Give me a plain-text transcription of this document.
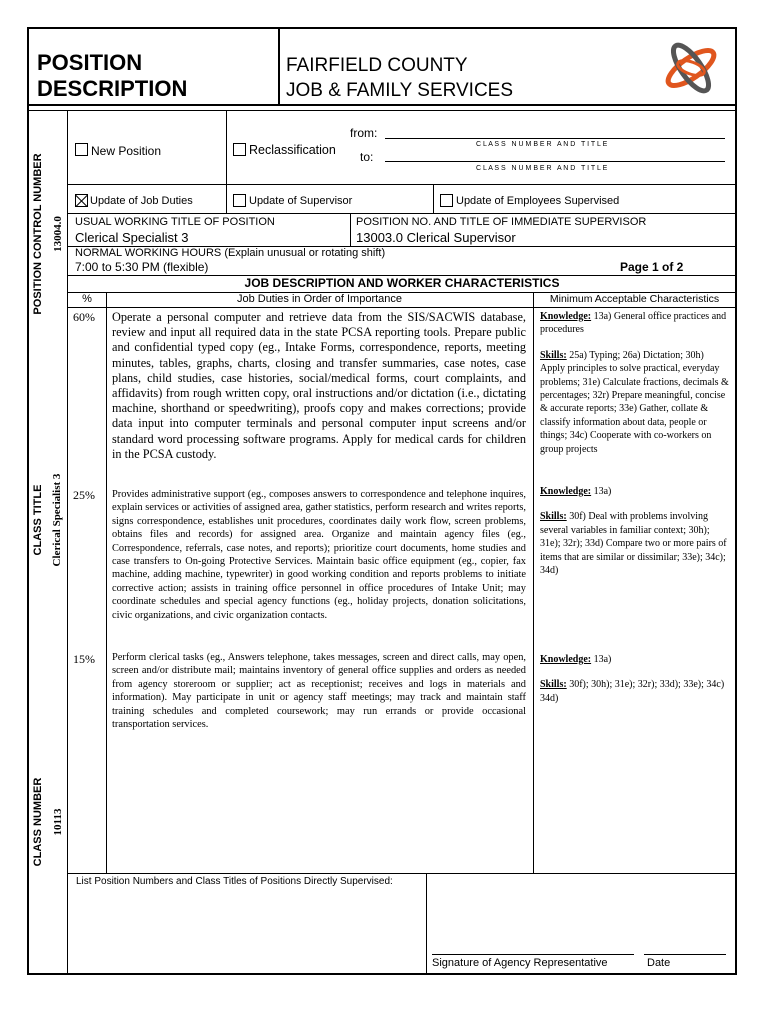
POSITION
DESCRIPTION
FAIRFIELD COUNTY
JOB & FAMILY SERVICES
POSITION CONTROL NUMBER 13004.0
CLASS TITLE Clerical Specialist 3
CLASS NUMBER 10113
New Position	Reclassification
from:
C L A S S   N U M B E R   A N D   T I T L E
to:
C L A S S   N U M B E R   A N D   T I T L E
Update of Job Duties	Update of Supervisor	Update of Employees Supervised
USUAL WORKING TITLE OF POSITION
Clerical Specialist 3
POSITION NO. AND TITLE OF IMMEDIATE SUPERVISOR
13003.0 Clerical Supervisor
NORMAL WORKING HOURS (Explain unusual or rotating shift)
7:00 to 5:30 PM (flexible)	Page 1 of 2
JOB DESCRIPTION AND WORKER CHARACTERISTICS
%	Job Duties in Order of Importance	Minimum Acceptable Characteristics
60% Operate a personal computer and retrieve data from the SIS/SACWIS database, review and input all required data in the state PCSA reporting tools. Prepare public and confidential typed copy (eg., Intake Forms, correspondence, reports, meeting minutes, tables, graphs, charts, closing and transfer summaries, case notes, case plans, child studies, case histories, social/medical forms, court complaints, and affidavits) from rough written copy, oral instructions and/or dictation (i.e., dictating machine, shorthand or speedwriting), proofs copy and makes corrections; provide data input into computer terminals and personal computer input screens and/or standard word processing software programs. Apply for medical cards for children in the PCSA custody.
Knowledge: 13a) General office practices and procedures
Skills: 25a) Typing; 26a) Dictation; 30h) Apply principles to solve practical, everyday problems; 31e) Calculate fractions, decimals & percentages; 32r) Prepare meaningful, concise & accurate reports; 33e) Gather, collate & classify information about data, people or things; 34c) Cooperate with co-workers on group projects
25% Provides administrative support (eg., composes answers to correspondence and telephone inquires, explain services or activities of assigned area, gather statistics, perform research and writes reports, signs correspondence, establishes unit procedures, coordinates daily work flow, screen problems, obtains files and records) for assigned area. Organize and maintain agency files (eg., Correspondence, referrals, case notes, and reports); prioritize court documents, home studies and case transfers to On-going Protective Services. Maintain basic office equipment (eg., copier, fax machine, adding machine, typewriter) in good working condition and reports problems to initiate corrective action; assists in training office personnel in office procedures of Intake Unit; may coordinate schedules and special agency functions (eg., holiday projects, donation solicitations, civic organizations, and civic organization contacts.
Knowledge: 13a)
Skills: 30f) Deal with problems involving several variables in familiar context; 30h); 31e); 32r); 33d) Compare two or more pairs of items that are similar or dissimilar; 33e); 34c); 34d)
15% Perform clerical tasks (eg., Answers telephone, takes messages, screen and direct calls, may open, screen and/or distribute mail; maintains inventory of general office supplies and orders as needed from agency storeroom or supplier; act as receptionist; receives and logs in materials and information). May participate in unit or agency staff meetings; may track and maintain staff training schedules and completed coursework; may run errands or provide occasional transportation services.
Knowledge: 13a)
Skills: 30f); 30h); 31e); 32r); 33d); 33e); 34c) 34d)
List Position Numbers and Class Titles of Positions Directly Supervised:
Signature of Agency Representative	Date
